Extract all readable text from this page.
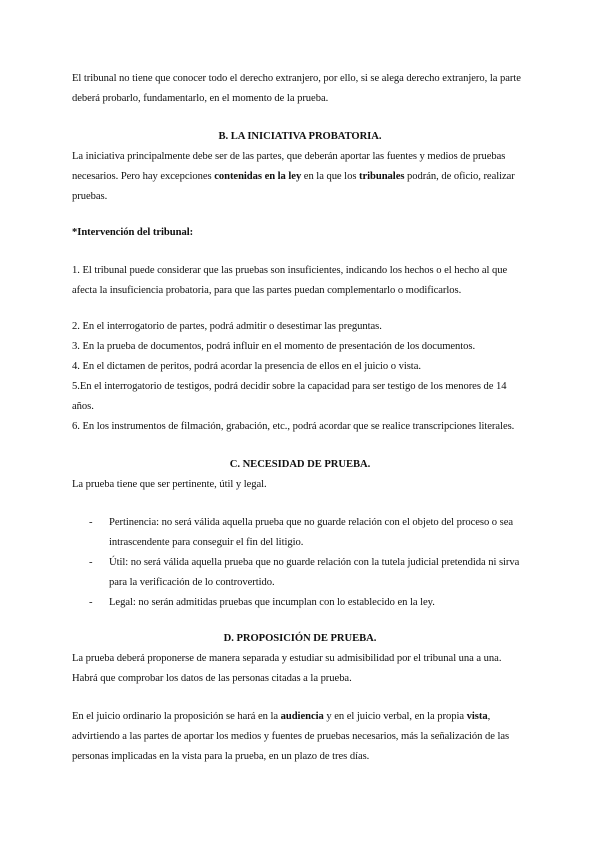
El tribunal no tiene que conocer todo el derecho extranjero, por ello, si se alega derecho extranjero, la parte deberá probarlo, fundamentarlo, en el momento de la prueba.

B. LA INICIATIVA PROBATORIA.

La iniciativa principalmente debe ser de las partes, que deberán aportar las fuentes y medios de pruebas necesarios. Pero hay excepciones contenidas en la ley en la que los tribunales podrán, de oficio, realizar pruebas.

*Intervención del tribunal:

1. El tribunal puede considerar que las pruebas son insuficientes, indicando los hechos o el hecho al que afecta la insuficiencia probatoria, para que las partes puedan complementarlo o modificarlos.

2. En el interrogatorio de partes, podrá admitir o desestimar las preguntas.

3. En la prueba de documentos, podrá influir en el momento de presentación de los documentos.

4. En el dictamen de peritos, podrá acordar la presencia de ellos en el juicio o vista.

5.En el interrogatorio de testigos, podrá decidir sobre la capacidad para ser testigo de los menores de 14 años.

6. En los instrumentos de filmación, grabación, etc., podrá acordar que se realice transcripciones literales.

C. NECESIDAD DE PRUEBA.

La prueba tiene que ser pertinente, útil y legal.

- Pertinencia: no será válida aquella prueba que no guarde relación con el objeto del proceso o sea intrascendente para conseguir el fin del litigio.
- Útil: no será válida aquella prueba que no guarde relación con la tutela judicial pretendida ni sirva para la verificación de lo controvertido.
- Legal: no serán admitidas pruebas que incumplan con lo establecido en la ley.

D. PROPOSICIÓN DE PRUEBA.

La prueba deberá proponerse de manera separada y estudiar su admisibilidad por el tribunal una a una. Habrá que comprobar los datos de las personas citadas a la prueba.

En el juicio ordinario la proposición se hará en la audiencia y en el juicio verbal, en la propia vista, advirtiendo a las partes de aportar los medios y fuentes de pruebas necesarios, más la señalización de las personas implicadas en la vista para la prueba, en un plazo de tres días.
